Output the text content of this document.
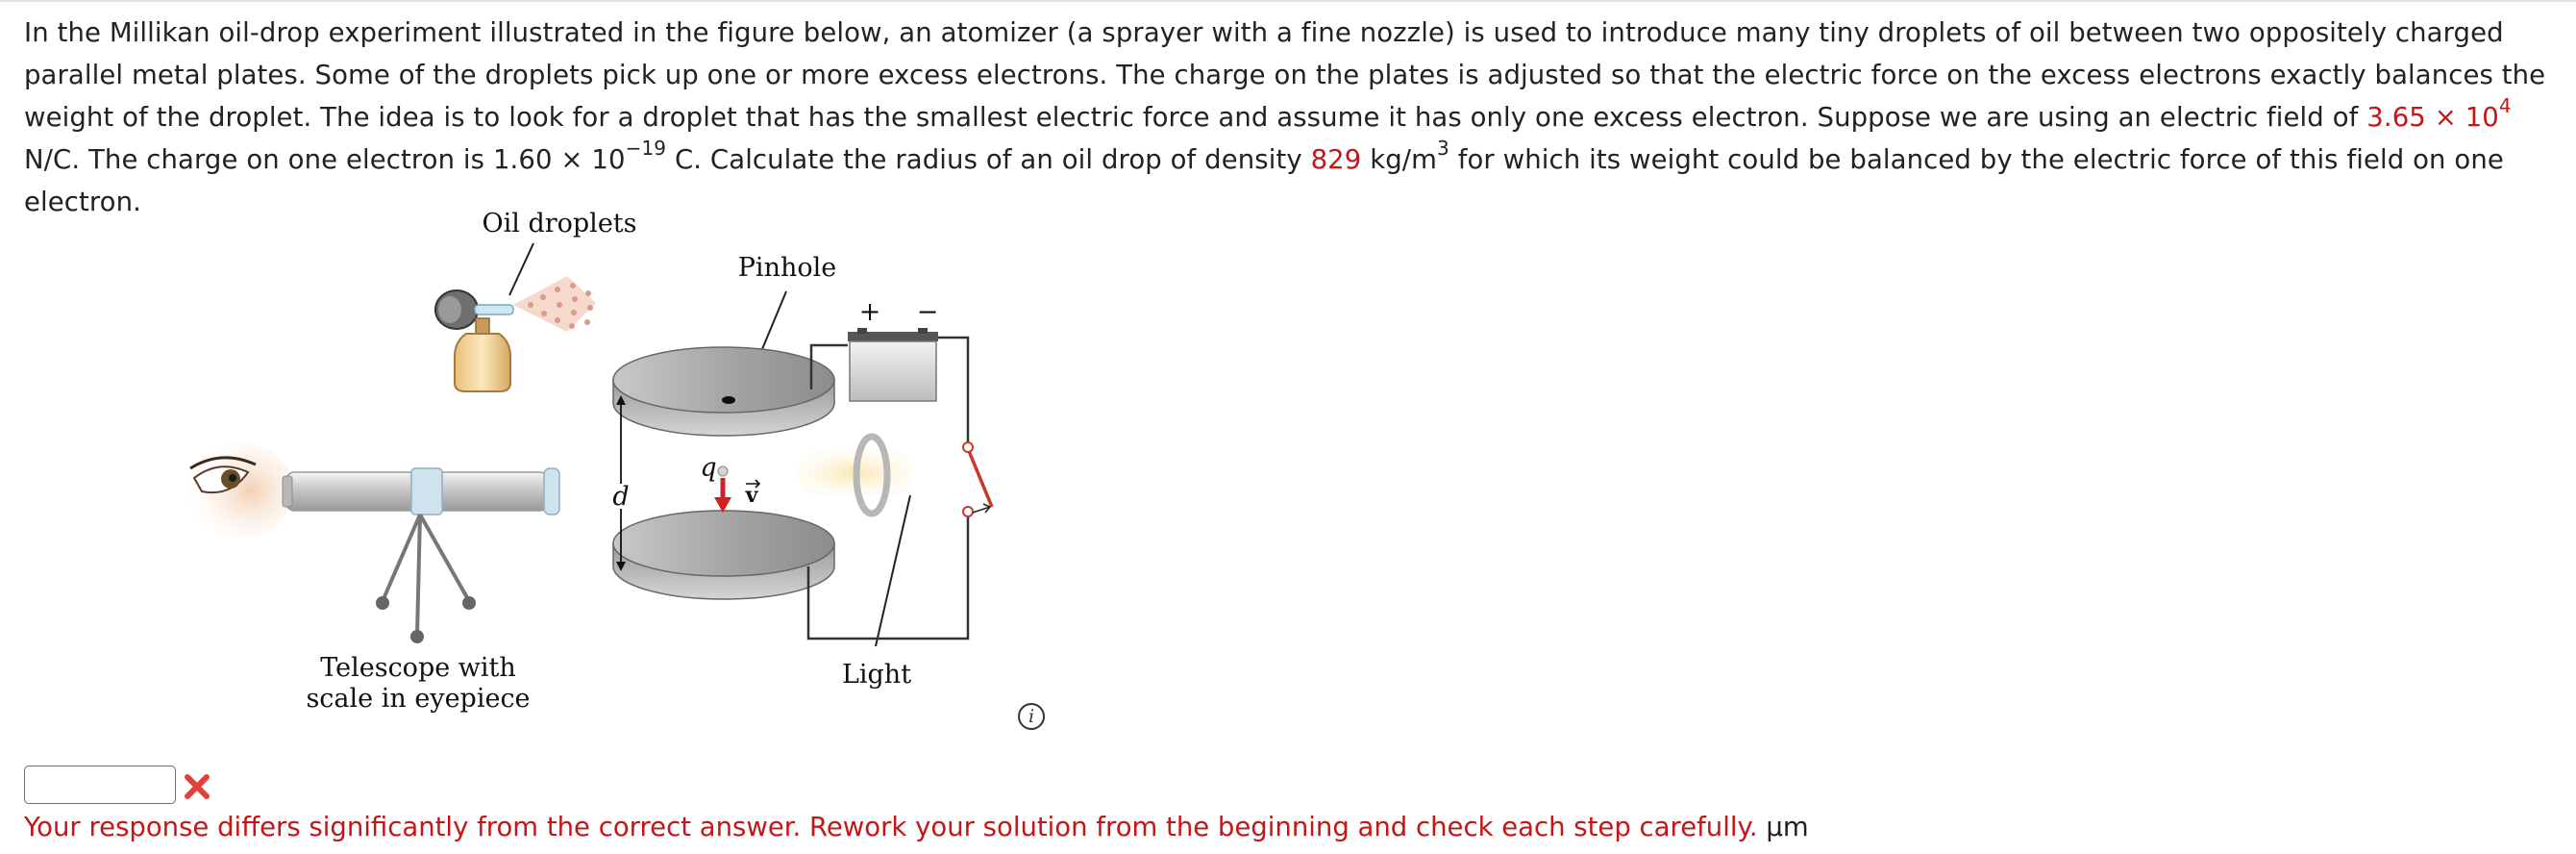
In the Millikan oil-drop experiment illustrated in the figure below, an atomizer (a sprayer with a fine nozzle) is used to introduce many tiny droplets of oil between two oppositely charged parallel metal plates. Some of the droplets pick up one or more excess electrons. The charge on the plates is adjusted so that the electric force on the excess electrons exactly balances the weight of the droplet. The idea is to look for a droplet that has the smallest electric force and assume it has only one excess electron. Suppose we are using an electric field of $3.65 \times 10^4$ N/C. The charge on one electron is $1.60 \times 10^{-19}$ C. Calculate the radius of an oil drop of density 829 $kg/m^3$ for which its weight could be balanced by the electric force of this field on one electron.
Oil droplets
Pinhole
d
q
v
Light
+ −
Telescope with
scale in eyepiece
i
Your response differs significantly from the correct answer. Rework your solution from the beginning and check each step carefully. μm
